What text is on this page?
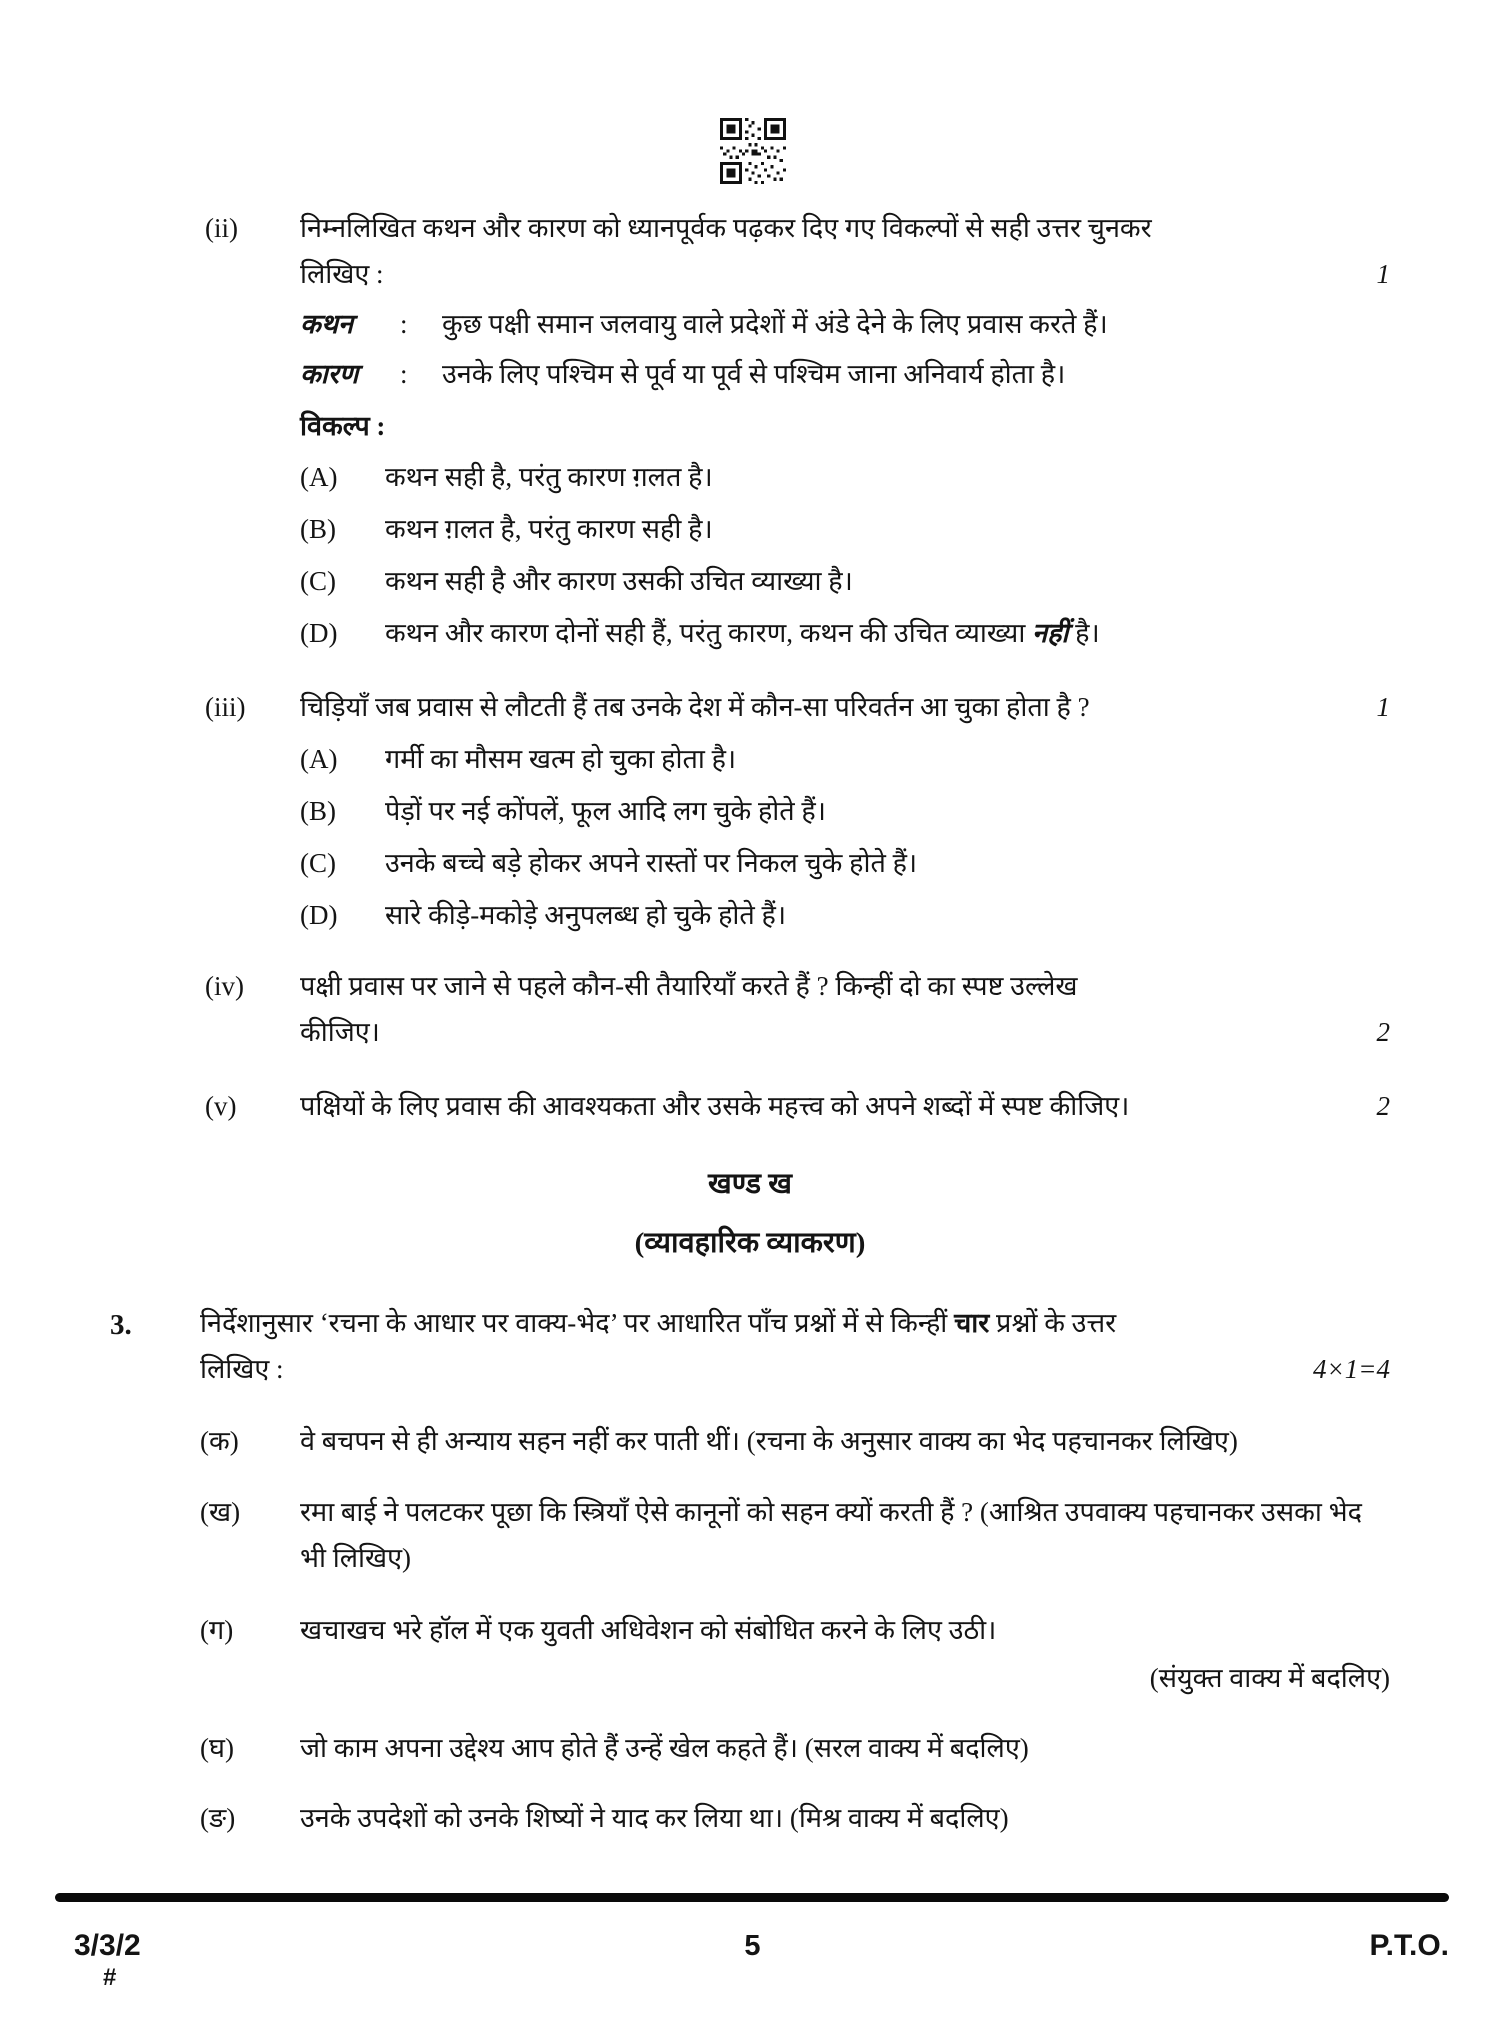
(ii)	निम्नलिखित कथन और कारण को ध्यानपूर्वक पढ़कर दिए गए विकल्पों से सही उत्तर चुनकर
लिखिए :	1
कथन	:	कुछ पक्षी समान जलवायु वाले प्रदेशों में अंडे देने के लिए प्रवास करते हैं।
कारण	:	उनके लिए पश्चिम से पूर्व या पूर्व से पश्चिम जाना अनिवार्य होता है।
विकल्प :
(A)	कथन सही है, परंतु कारण ग़लत है।
(B)	कथन ग़लत है, परंतु कारण सही है।
(C)	कथन सही है और कारण उसकी उचित व्याख्या है।
(D)	कथन और कारण दोनों सही हैं, परंतु कारण, कथन की उचित व्याख्या नहीं है।
(iii)	चिड़ियाँ जब प्रवास से लौटती हैं तब उनके देश में कौन-सा परिवर्तन आ चुका होता है ?	1
(A)	गर्मी का मौसम खत्म हो चुका होता है।
(B)	पेड़ों पर नई कोंपलें, फूल आदि लग चुके होते हैं।
(C)	उनके बच्चे बड़े होकर अपने रास्तों पर निकल चुके होते हैं।
(D)	सारे कीड़े-मकोड़े अनुपलब्ध हो चुके होते हैं।
(iv)	पक्षी प्रवास पर जाने से पहले कौन-सी तैयारियाँ करते हैं ? किन्हीं दो का स्पष्ट उल्लेख
कीजिए।	2
(v)	पक्षियों के लिए प्रवास की आवश्यकता और उसके महत्त्व को अपने शब्दों में स्पष्ट कीजिए।	2
खण्ड ख
(व्यावहारिक व्याकरण)
3.	निर्देशानुसार ‘रचना के आधार पर वाक्य-भेद’ पर आधारित पाँच प्रश्नों में से किन्हीं चार प्रश्नों के उत्तर
लिखिए :	4×1=4
(क)	वे बचपन से ही अन्याय सहन नहीं कर पाती थीं। (रचना के अनुसार वाक्य का भेद पहचानकर लिखिए)
(ख)	रमा बाई ने पलटकर पूछा कि स्त्रियाँ ऐसे कानूनों को सहन क्यों करती हैं ? (आश्रित उपवाक्य पहचानकर उसका भेद भी लिखिए)
(ग)	खचाखच भरे हॉल में एक युवती अधिवेशन को संबोधित करने के लिए उठी।
(संयुक्त वाक्य में बदलिए)
(घ)	जो काम अपना उद्देश्य आप होते हैं उन्हें खेल कहते हैं। (सरल वाक्य में बदलिए)
(ङ)	उनके उपदेशों को उनके शिष्यों ने याद कर लिया था। (मिश्र वाक्य में बदलिए)
3/3/2
#
5	P.T.O.
